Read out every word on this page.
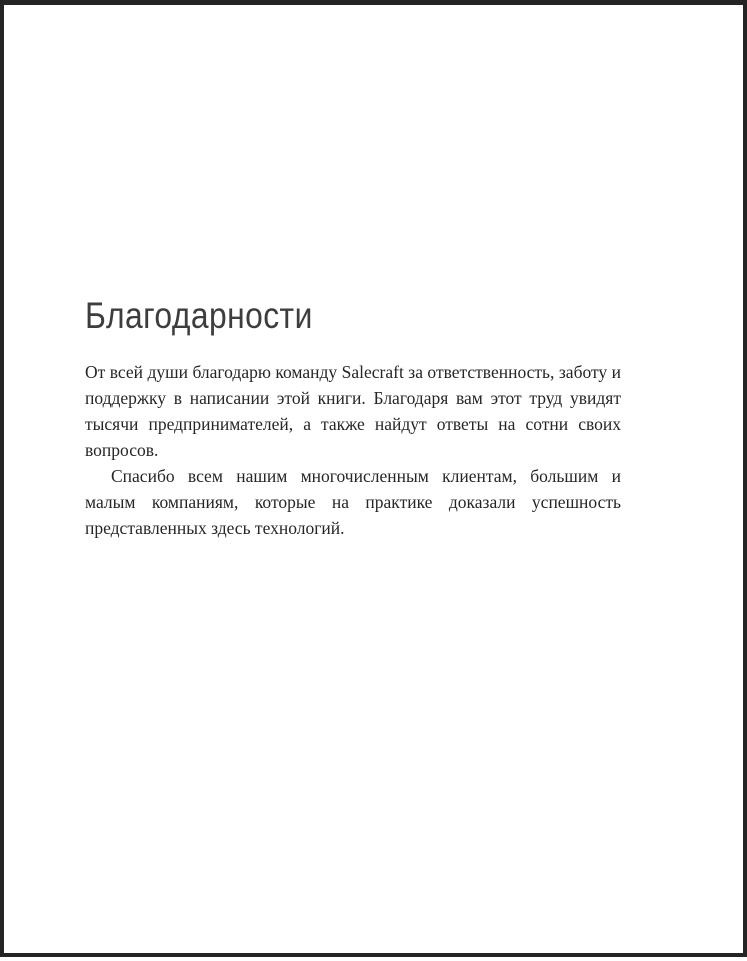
Благодарности

От всей души благодарю команду Salecraft за ответственность, заботу и поддержку в написании этой книги. Благодаря вам этот труд увидят тысячи предпринимателей, а также найдут ответы на сотни своих вопросов.

Спасибо всем нашим многочисленным клиентам, большим и малым компаниям, которые на практике доказали успешность представленных здесь технологий.
